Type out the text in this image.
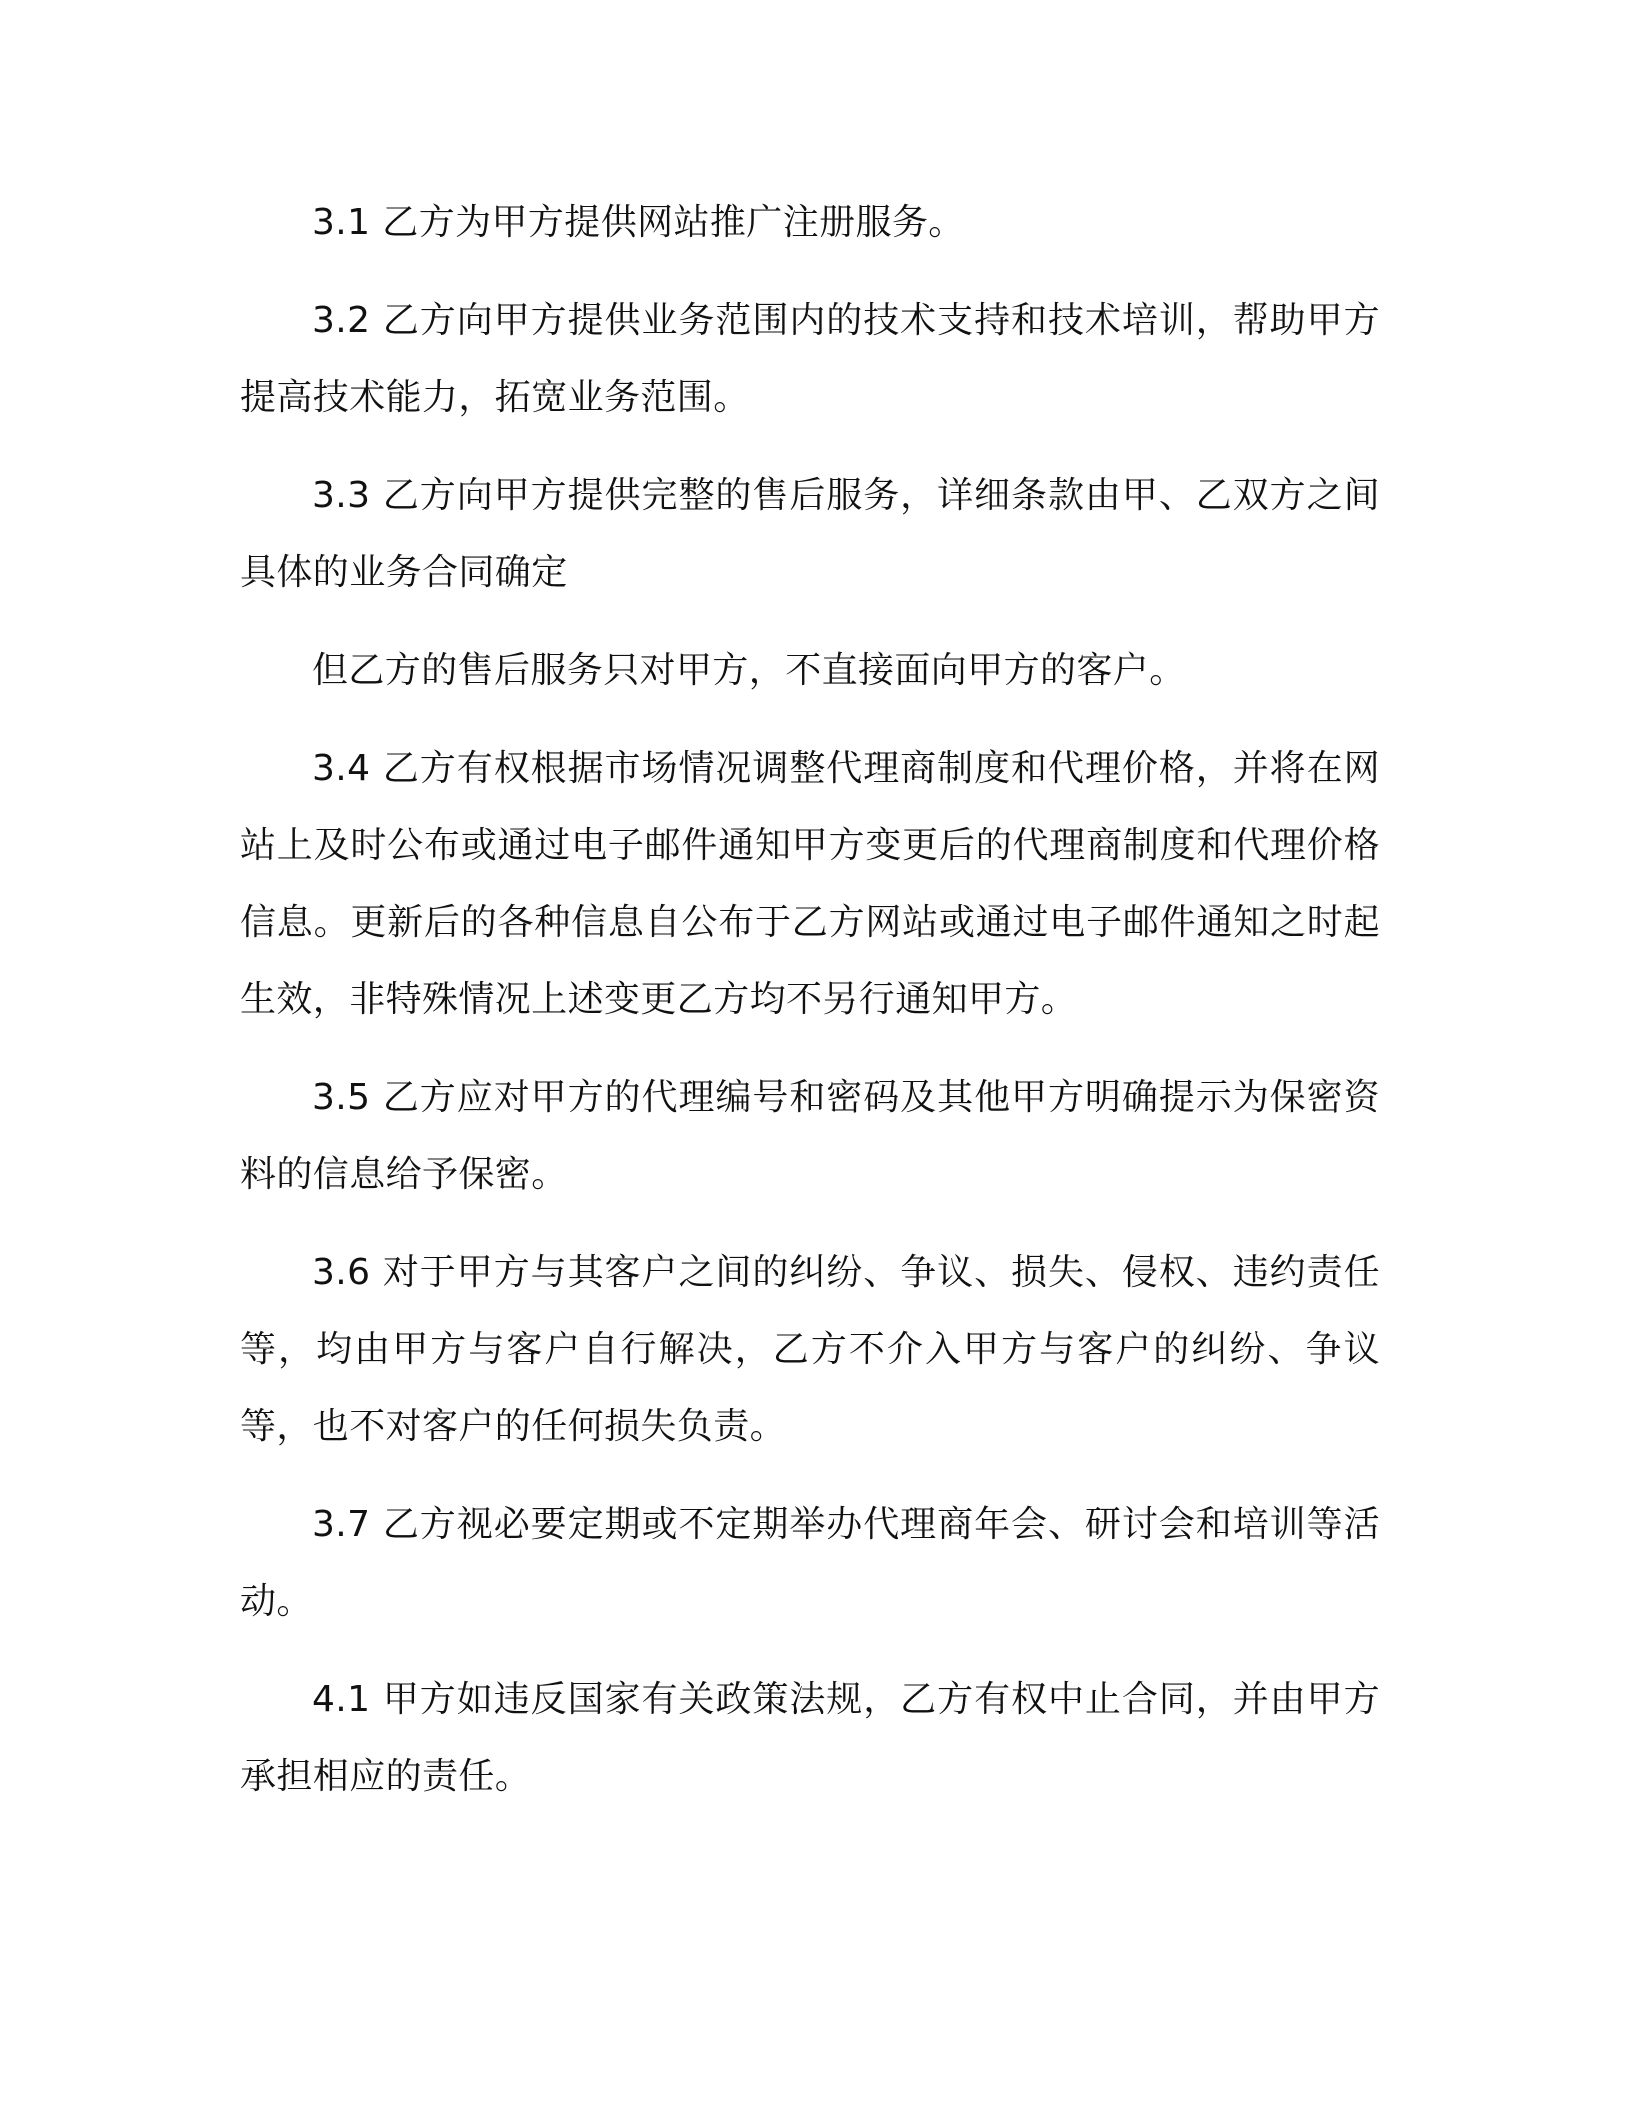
3.1 乙方为甲方提供网站推广注册服务。

3.2 乙方向甲方提供业务范围内的技术支持和技术培训，帮助甲方提高技术能力，拓宽业务范围。

3.3 乙方向甲方提供完整的售后服务，详细条款由甲、乙双方之间具体的业务合同确定

但乙方的售后服务只对甲方，不直接面向甲方的客户。

3.4 乙方有权根据市场情况调整代理商制度和代理价格，并将在网站上及时公布或通过电子邮件通知甲方变更后的代理商制度和代理价格信息。更新后的各种信息自公布于乙方网站或通过电子邮件通知之时起生效，非特殊情况上述变更乙方均不另行通知甲方。

3.5 乙方应对甲方的代理编号和密码及其他甲方明确提示为保密资料的信息给予保密。

3.6 对于甲方与其客户之间的纠纷、争议、损失、侵权、违约责任等，均由甲方与客户自行解决，乙方不介入甲方与客户的纠纷、争议等，也不对客户的任何损失负责。

3.7 乙方视必要定期或不定期举办代理商年会、研讨会和培训等活动。

4.1 甲方如违反国家有关政策法规，乙方有权中止合同，并由甲方承担相应的责任。
